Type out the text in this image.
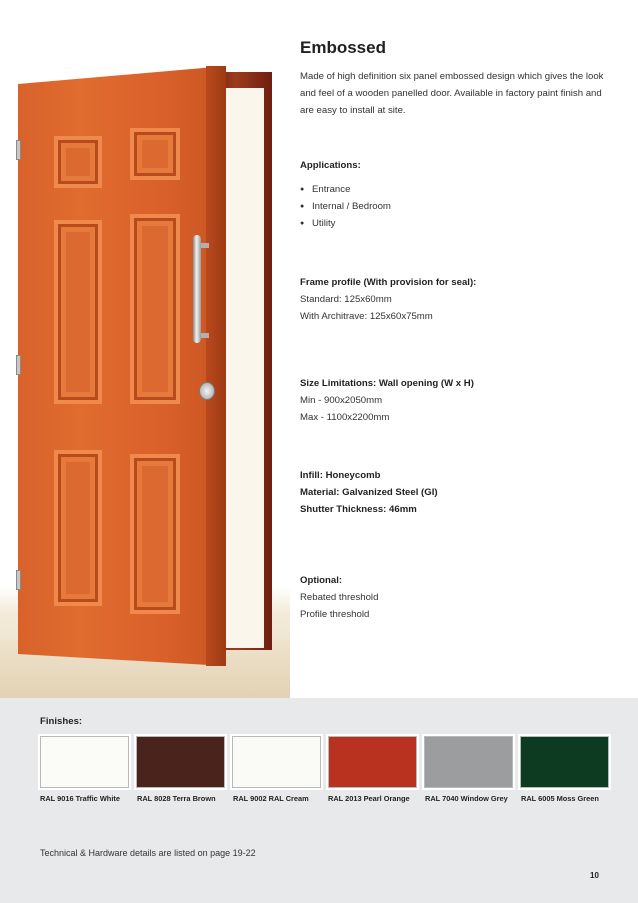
Embossed

Made of high definition six panel embossed design which gives the look and feel of a wooden panelled door. Available in factory paint finish and are easy to install at site.

Applications:
● Entrance
● Internal / Bedroom
● Utility
Frame profile (With provision for seal):
Standard: 125x60mm
With Architrave: 125x60x75mm
Size Limitations: Wall opening (W x H)
Min - 900x2050mm
Max - 1100x2200mm
Infill: Honeycomb
Material: Galvanized Steel (GI)
Shutter Thickness: 46mm
Optional:
Rebated threshold
Profile threshold
Finishes:
RAL 9016 Traffic White RAL 8028 Terra Brown RAL 9002 RAL Cream	RAL 2013 Pearl Orange RAL 7040 Window Grey RAL 6005 Moss Green
Technical & Hardware details are listed on page 19-22
10
